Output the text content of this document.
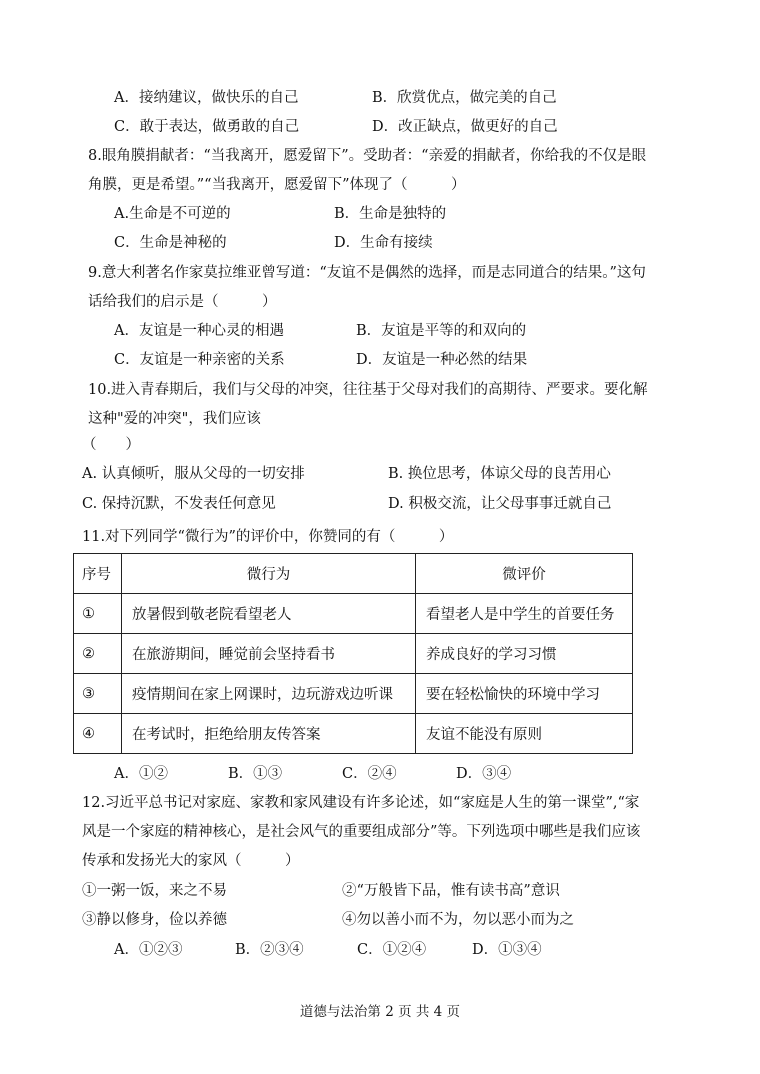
A．接纳建议，做快乐的自己	B．欣赏优点，做完美的自己
C．敢于表达，做勇敢的自己	D．改正缺点，做更好的自己
8.眼角膜捐献者：“当我离开，愿爱留下”。受助者：“亲爱的捐献者，你给我的不仅是眼
角膜，更是希望。”“当我离开，愿爱留下”体现了（　　　）
A.生命是不可逆的	B．生命是独特的
C．生命是神秘的	D．生命有接续
9.意大利著名作家莫拉维亚曾写道：“友谊不是偶然的选择，而是志同道合的结果。”这句
话给我们的启示是（　　　）
A．友谊是一种心灵的相遇	B．友谊是平等的和双向的
C．友谊是一种亲密的关系	D．友谊是一种必然的结果
10.进入青春期后，我们与父母的冲突，往往基于父母对我们的高期待、严要求。要化解
这种"爱的冲突"，我们应该
（　　）
A. 认真倾听，服从父母的一切安排	B. 换位思考，体谅父母的良苦用心
C. 保持沉默，不发表任何意见	D. 积极交流，让父母事事迁就自己
11.对下列同学“微行为”的评价中，你赞同的有（　　　）
序号	微行为	微评价
①	放暑假到敬老院看望老人	看望老人是中学生的首要任务
②	在旅游期间，睡觉前会坚持看书	养成良好的学习习惯
③	疫情期间在家上网课时，边玩游戏边听课	要在轻松愉快的环境中学习
④	在考试时，拒绝给朋友传答案	友谊不能没有原则
A．①②	B．①③	C．②④	D．③④
12.习近平总书记对家庭、家教和家风建设有许多论述，如“家庭是人生的第一课堂”,“家
风是一个家庭的精神核心，是社会风气的重要组成部分”等。下列选项中哪些是我们应该
传承和发扬光大的家风（　　　）
①一粥一饭，来之不易	②“万般皆下品，惟有读书高”意识
③静以修身，俭以养德	④勿以善小而不为，勿以恶小而为之
A．①②③	B．②③④	C．①②④	D．①③④
道德与法治第 2 页 共 4 页
